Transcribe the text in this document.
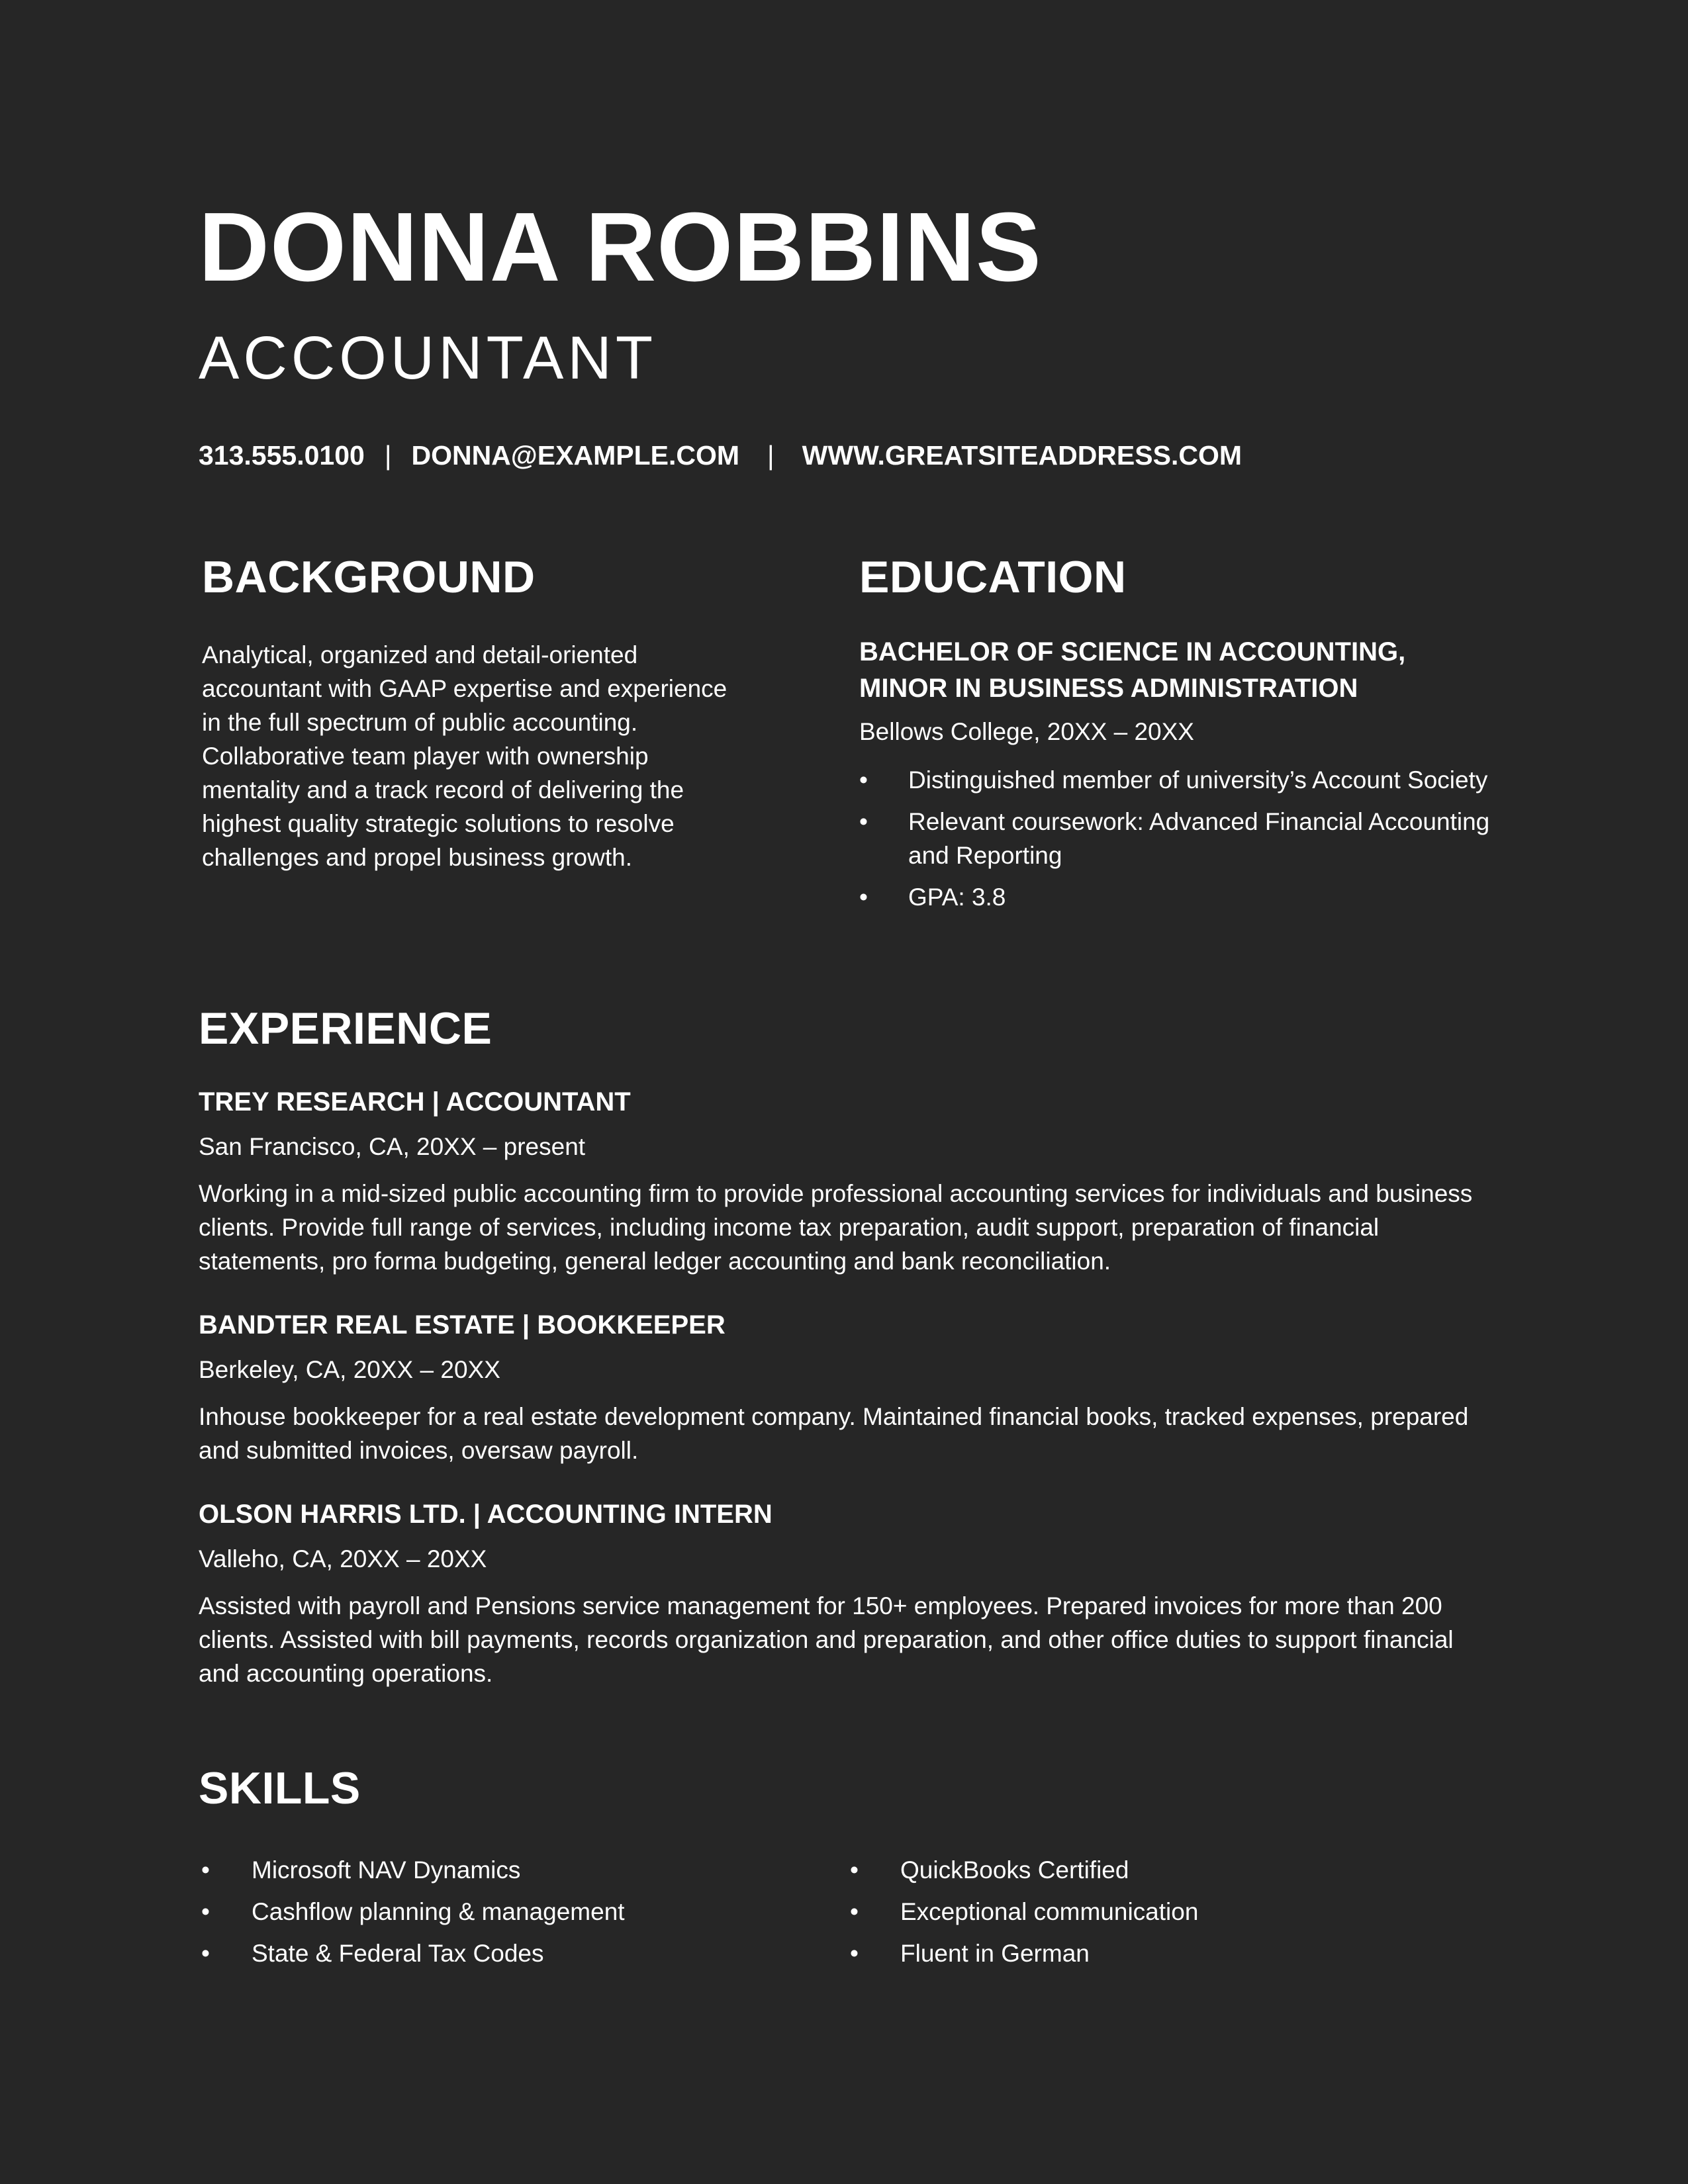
DONNA ROBBINS
ACCOUNTANT
313.555.0100 | DONNA@EXAMPLE.COM | WWW.GREATSITEADDRESS.COM
BACKGROUND

Analytical, organized and detail-oriented accountant with GAAP expertise and experience in the full spectrum of public accounting. Collaborative team player with ownership mentality and a track record of delivering the highest quality strategic solutions to resolve challenges and propel business growth.

EDUCATION
BACHELOR OF SCIENCE IN ACCOUNTING, MINOR IN BUSINESS ADMINISTRATION
Bellows College, 20XX – 20XX
•	Distinguished member of university’s Account Society
•	Relevant coursework: Advanced Financial Accounting and Reporting
•	GPA: 3.8
EXPERIENCE
TREY RESEARCH | ACCOUNTANT
San Francisco, CA, 20XX – present

Working in a mid-sized public accounting firm to provide professional accounting services for individuals and business clients. Provide full range of services, including income tax preparation, audit support, preparation of financial statements, pro forma budgeting, general ledger accounting and bank reconciliation.

BANDTER REAL ESTATE | BOOKKEEPER
Berkeley, CA, 20XX – 20XX

Inhouse bookkeeper for a real estate development company. Maintained financial books, tracked expenses, prepared and submitted invoices, oversaw payroll.

OLSON HARRIS LTD. | ACCOUNTING INTERN
Valleho, CA, 20XX – 20XX

Assisted with payroll and Pensions service management for 150+ employees. Prepared invoices for more than 200 clients. Assisted with bill payments, records organization and preparation, and other office duties to support financial and accounting operations.

SKILLS
• Microsoft NAV Dynamics
• Cashflow planning & management
• State & Federal Tax Codes
• QuickBooks Certified
• Exceptional communication
• Fluent in German
